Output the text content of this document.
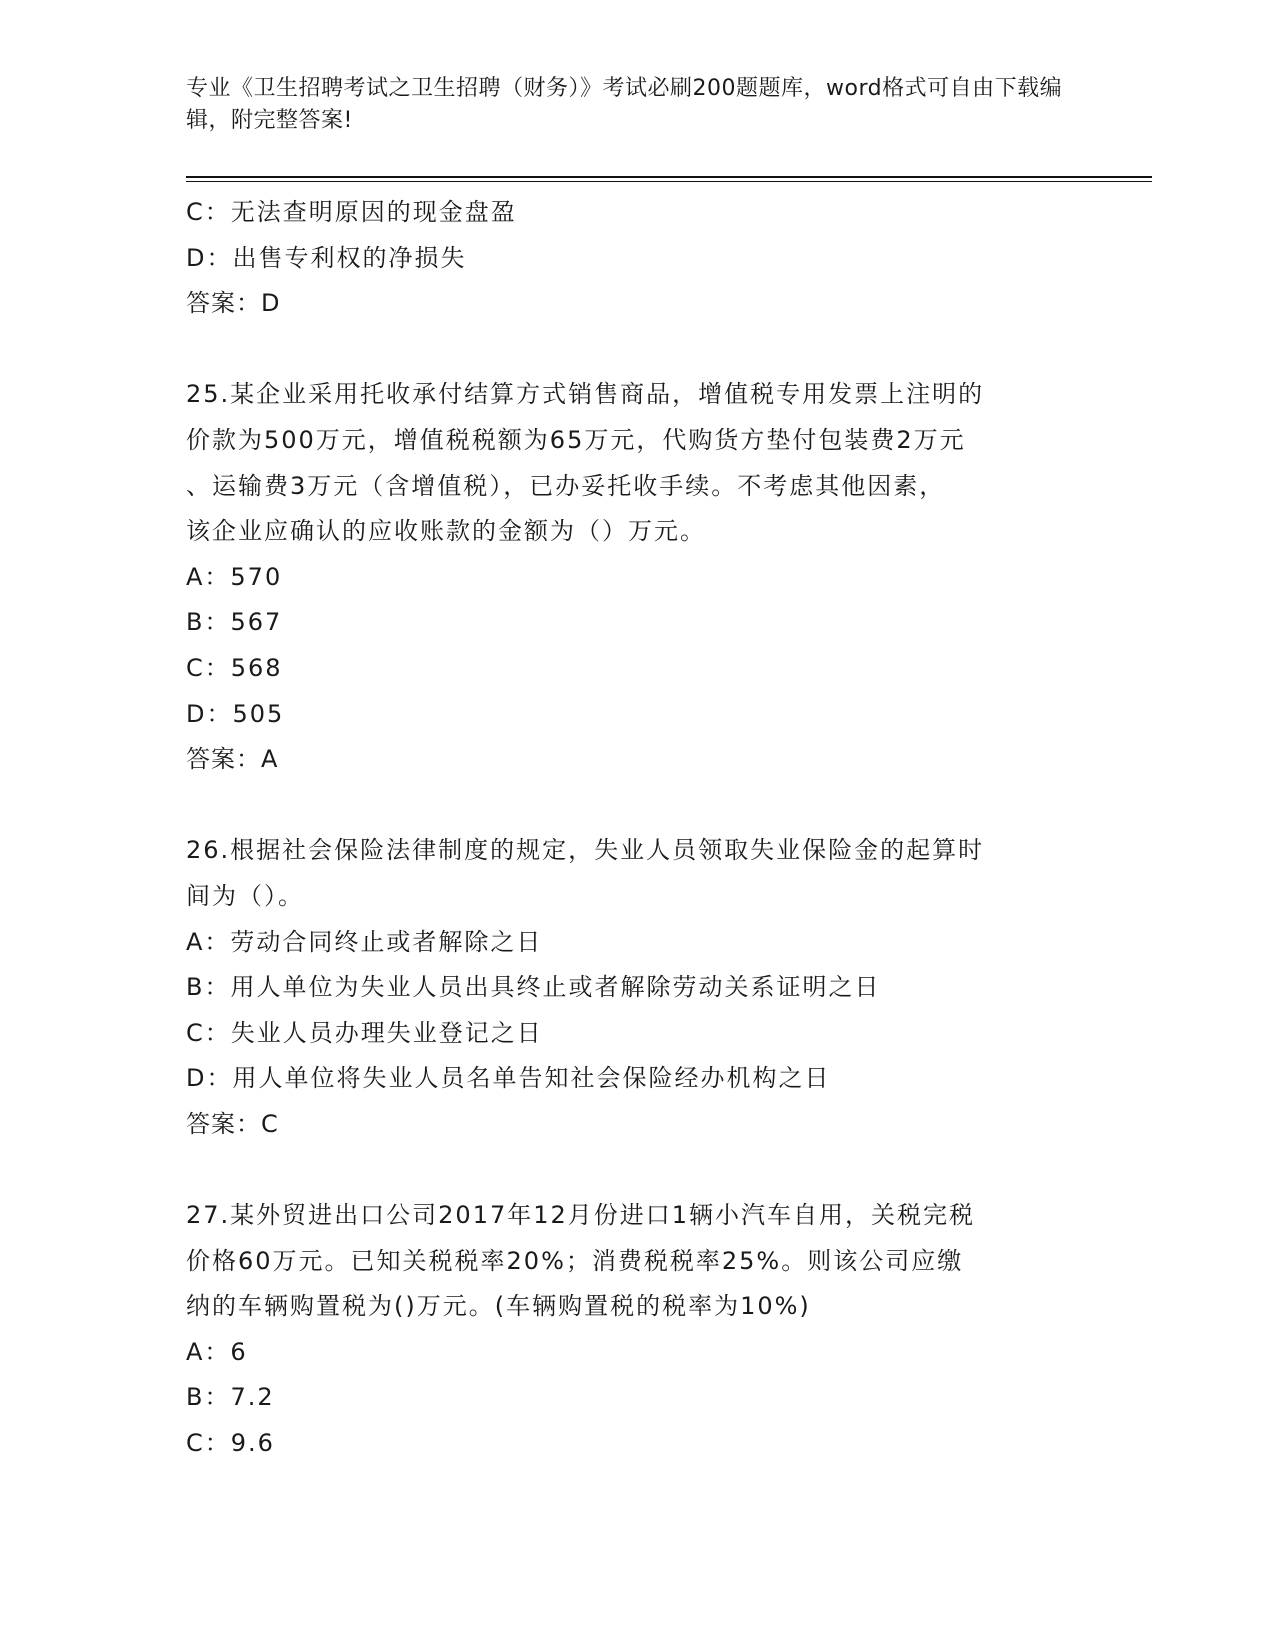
专业《卫生招聘考试之卫生招聘（财务）》考试必刷200题题库，word格式可自由下载编辑，附完整答案!
C：无法查明原因的现金盘盈
D：出售专利权的净损失
答案：D
25.某企业采用托收承付结算方式销售商品，增值税专用发票上注明的
价款为500万元，增值税税额为65万元，代购货方垫付包装费2万元
、运输费3万元（含增值税），已办妥托收手续。不考虑其他因素，
该企业应确认的应收账款的金额为（）万元。
A：570
B：567
C：568
D：505
答案：A
26.根据社会保险法律制度的规定，失业人员领取失业保险金的起算时
间为（）。
A：劳动合同终止或者解除之日
B：用人单位为失业人员出具终止或者解除劳动关系证明之日
C：失业人员办理失业登记之日
D：用人单位将失业人员名单告知社会保险经办机构之日
答案：C
27.某外贸进出口公司2017年12月份进口1辆小汽车自用，关税完税
价格60万元。已知关税税率20%；消费税税率25%。则该公司应缴
纳的车辆购置税为()万元。(车辆购置税的税率为10%)
A：6
B：7.2
C：9.6
